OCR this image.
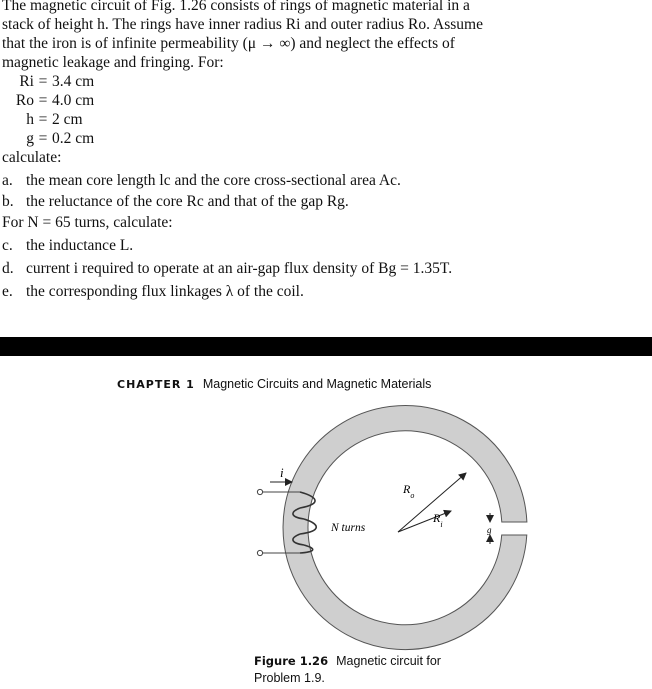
The magnetic circuit of Fig. 1.26 consists of rings of magnetic material in a
stack of height h. The rings have inner radius Ri and outer radius Ro. Assume
that the iron is of infinite permeability (μ → ∞) and neglect the effects of
magnetic leakage and fringing. For:
Ri = 3.4 cm
Ro = 4.0 cm
h = 2 cm
g = 0.2 cm
calculate:
a. the mean core length lc and the core cross-sectional area Ac.
b. the reluctance of the core Rc and that of the gap Rg.
For N = 65 turns, calculate:
c. the inductance L.
d. current i required to operate at an air-gap flux density of Bg = 1.35T.
e. the corresponding flux linkages λ of the coil.
CHAPTER 1 Magnetic Circuits and Magnetic Materials
i
N turns
$R_o$
$R_i$
g
Figure 1.26 Magnetic circuit for
Problem 1.9.
